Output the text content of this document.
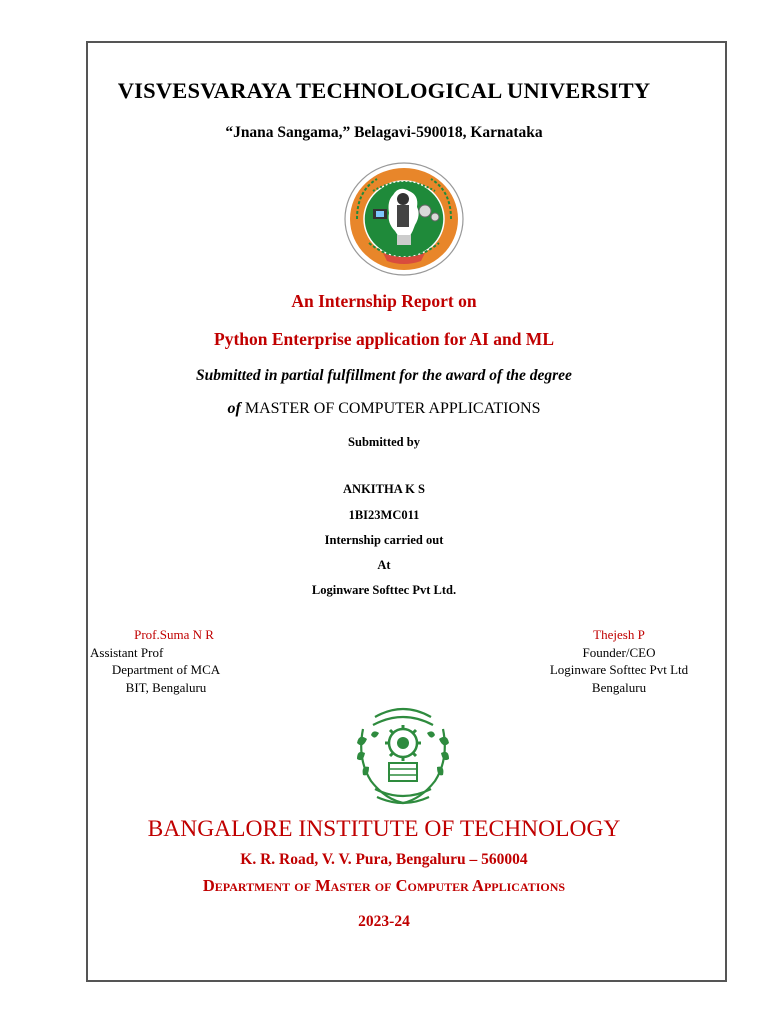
VISVESVARAYA TECHNOLOGICAL UNIVERSITY
“Jnana Sangama,” Belagavi-590018, Karnataka
An Internship Report on
Python Enterprise application for AI and ML
Submitted in partial fulfillment for the award of the degree
of MASTER OF COMPUTER APPLICATIONS
Submitted by
ANKITHA K S
1BI23MC011
Internship carried out
At
Loginware Softtec Pvt Ltd.
Prof.Suma N R
Assistant Prof
Department of MCA
BIT, Bengaluru
Thejesh P
Founder/CEO
Loginware Softtec Pvt Ltd
Bengaluru
BANGALORE INSTITUTE OF TECHNOLOGY
K. R. Road, V. V. Pura, Bengaluru – 560004
Department of Master of Computer Applications
2023-24
